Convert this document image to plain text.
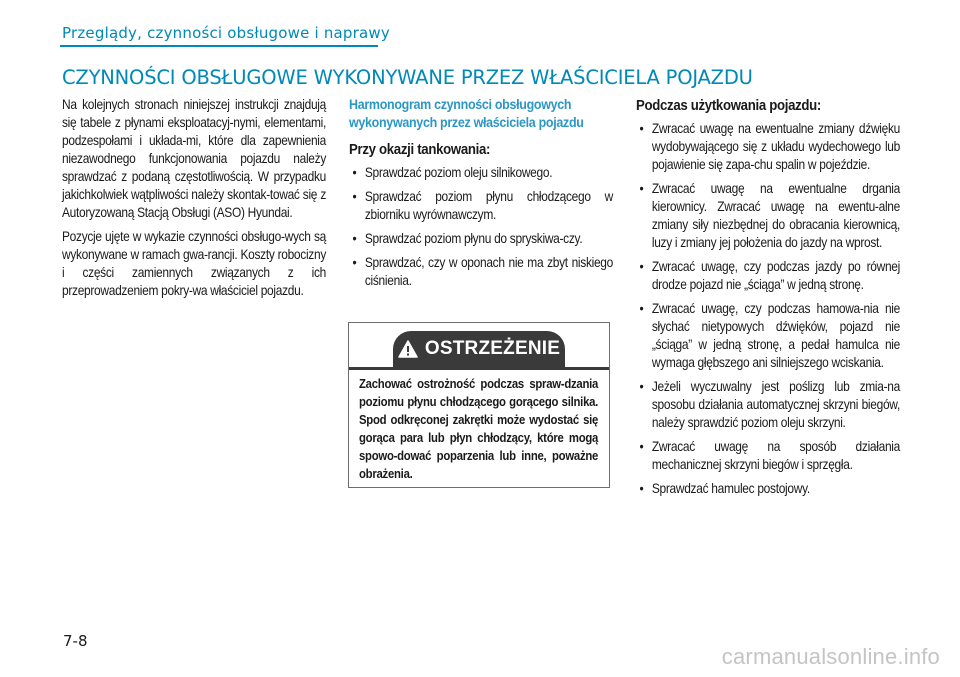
Przeglądy, czynności obsługowe i naprawy
CZYNNOŚCI OBSŁUGOWE WYKONYWANE PRZEZ WŁAŚCICIELA POJAZDU

Na kolejnych stronach niniejszej instrukcji znajdują się tabele z płynami eksploatacyj-nymi, elementami, podzespołami i układa-mi, które dla zapewnienia niezawodnego funkcjonowania pojazdu należy sprawdzać z podaną częstotliwością. W przypadku jakichkolwiek wątpliwości należy skontak-tować się z Autoryzowaną Stacją Obsługi (ASO) Hyundai.

Pozycje ujęte w wykazie czynności obsługo-wych są wykonywane w ramach gwa-rancji. Koszty robocizny i części zamiennych związanych z ich przeprowadzeniem pokry-wa właściciel pojazdu.

Harmonogram czynności obsługowych wykonywanych przez właściciela pojazdu
Przy okazji tankowania:
• Sprawdzać poziom oleju silnikowego.
• Sprawdzać poziom płynu chłodzącego w zbiorniku wyrównawczym.
• Sprawdzać poziom płynu do spryskiwa-czy.
• Sprawdzać, czy w oponach nie ma zbyt niskiego ciśnienia.
OSTRZEŻENIE
Zachować ostrożność podczas spraw-dzania poziomu płynu chłodzącego gorącego silnika. Spod odkręconej zakrętki może wydostać się gorąca para lub płyn chłodzący, które mogą spowo-dować poparzenia lub inne, poważne obrażenia.
Podczas użytkowania pojazdu:
• Zwracać uwagę na ewentualne zmiany dźwięku wydobywającego się z układu wydechowego lub pojawienie się zapa-chu spalin w pojeździe.
• Zwracać uwagę na ewentualne drgania kierownicy. Zwracać uwagę na ewentu-alne zmiany siły niezbędnej do obracania kierownicą, luzy i zmiany jej położenia do jazdy na wprost.
• Zwracać uwagę, czy podczas jazdy po równej drodze pojazd nie „ściąga” w jedną stronę.
• Zwracać uwagę, czy podczas hamowa-nia nie słychać nietypowych dźwięków, pojazd nie „ściąga” w jedną stronę, a pedał hamulca nie wymaga głębszego ani silniejszego wciskania.
• Jeżeli wyczuwalny jest poślizg lub zmia-na sposobu działania automatycznej skrzyni biegów, należy sprawdzić poziom oleju skrzyni.
• Zwracać uwagę na sposób działania mechanicznej skrzyni biegów i sprzęgła.
• Sprawdzać hamulec postojowy.
7-8
carmanualsonline.info
